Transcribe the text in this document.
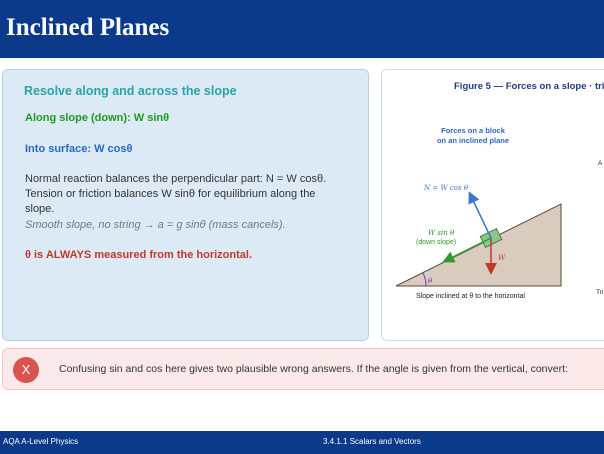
Inclined Planes
Resolve along and across the slope
Along slope (down): W sinθ
Into surface: W cosθ
Normal reaction balances the perpendicular part: N = W cosθ. Tension or friction balances W sinθ for equilibrium along the slope.
Smooth slope, no string → a = g sinθ (mass cancels).
θ is ALWAYS measured from the horizontal.
Figure 5 — Forces on a slope · tri
Forces on a block
on an inclined plane
θ
N = W cos θ
W
W sin θ
(down slope)
Slope inclined at θ to the horizontal
A
Tri
X	Confusing sin and cos here gives two plausible wrong answers. If the angle is given from the vertical, convert:
AQA A-Level Physics	3.4.1.1 Scalars and Vectors
